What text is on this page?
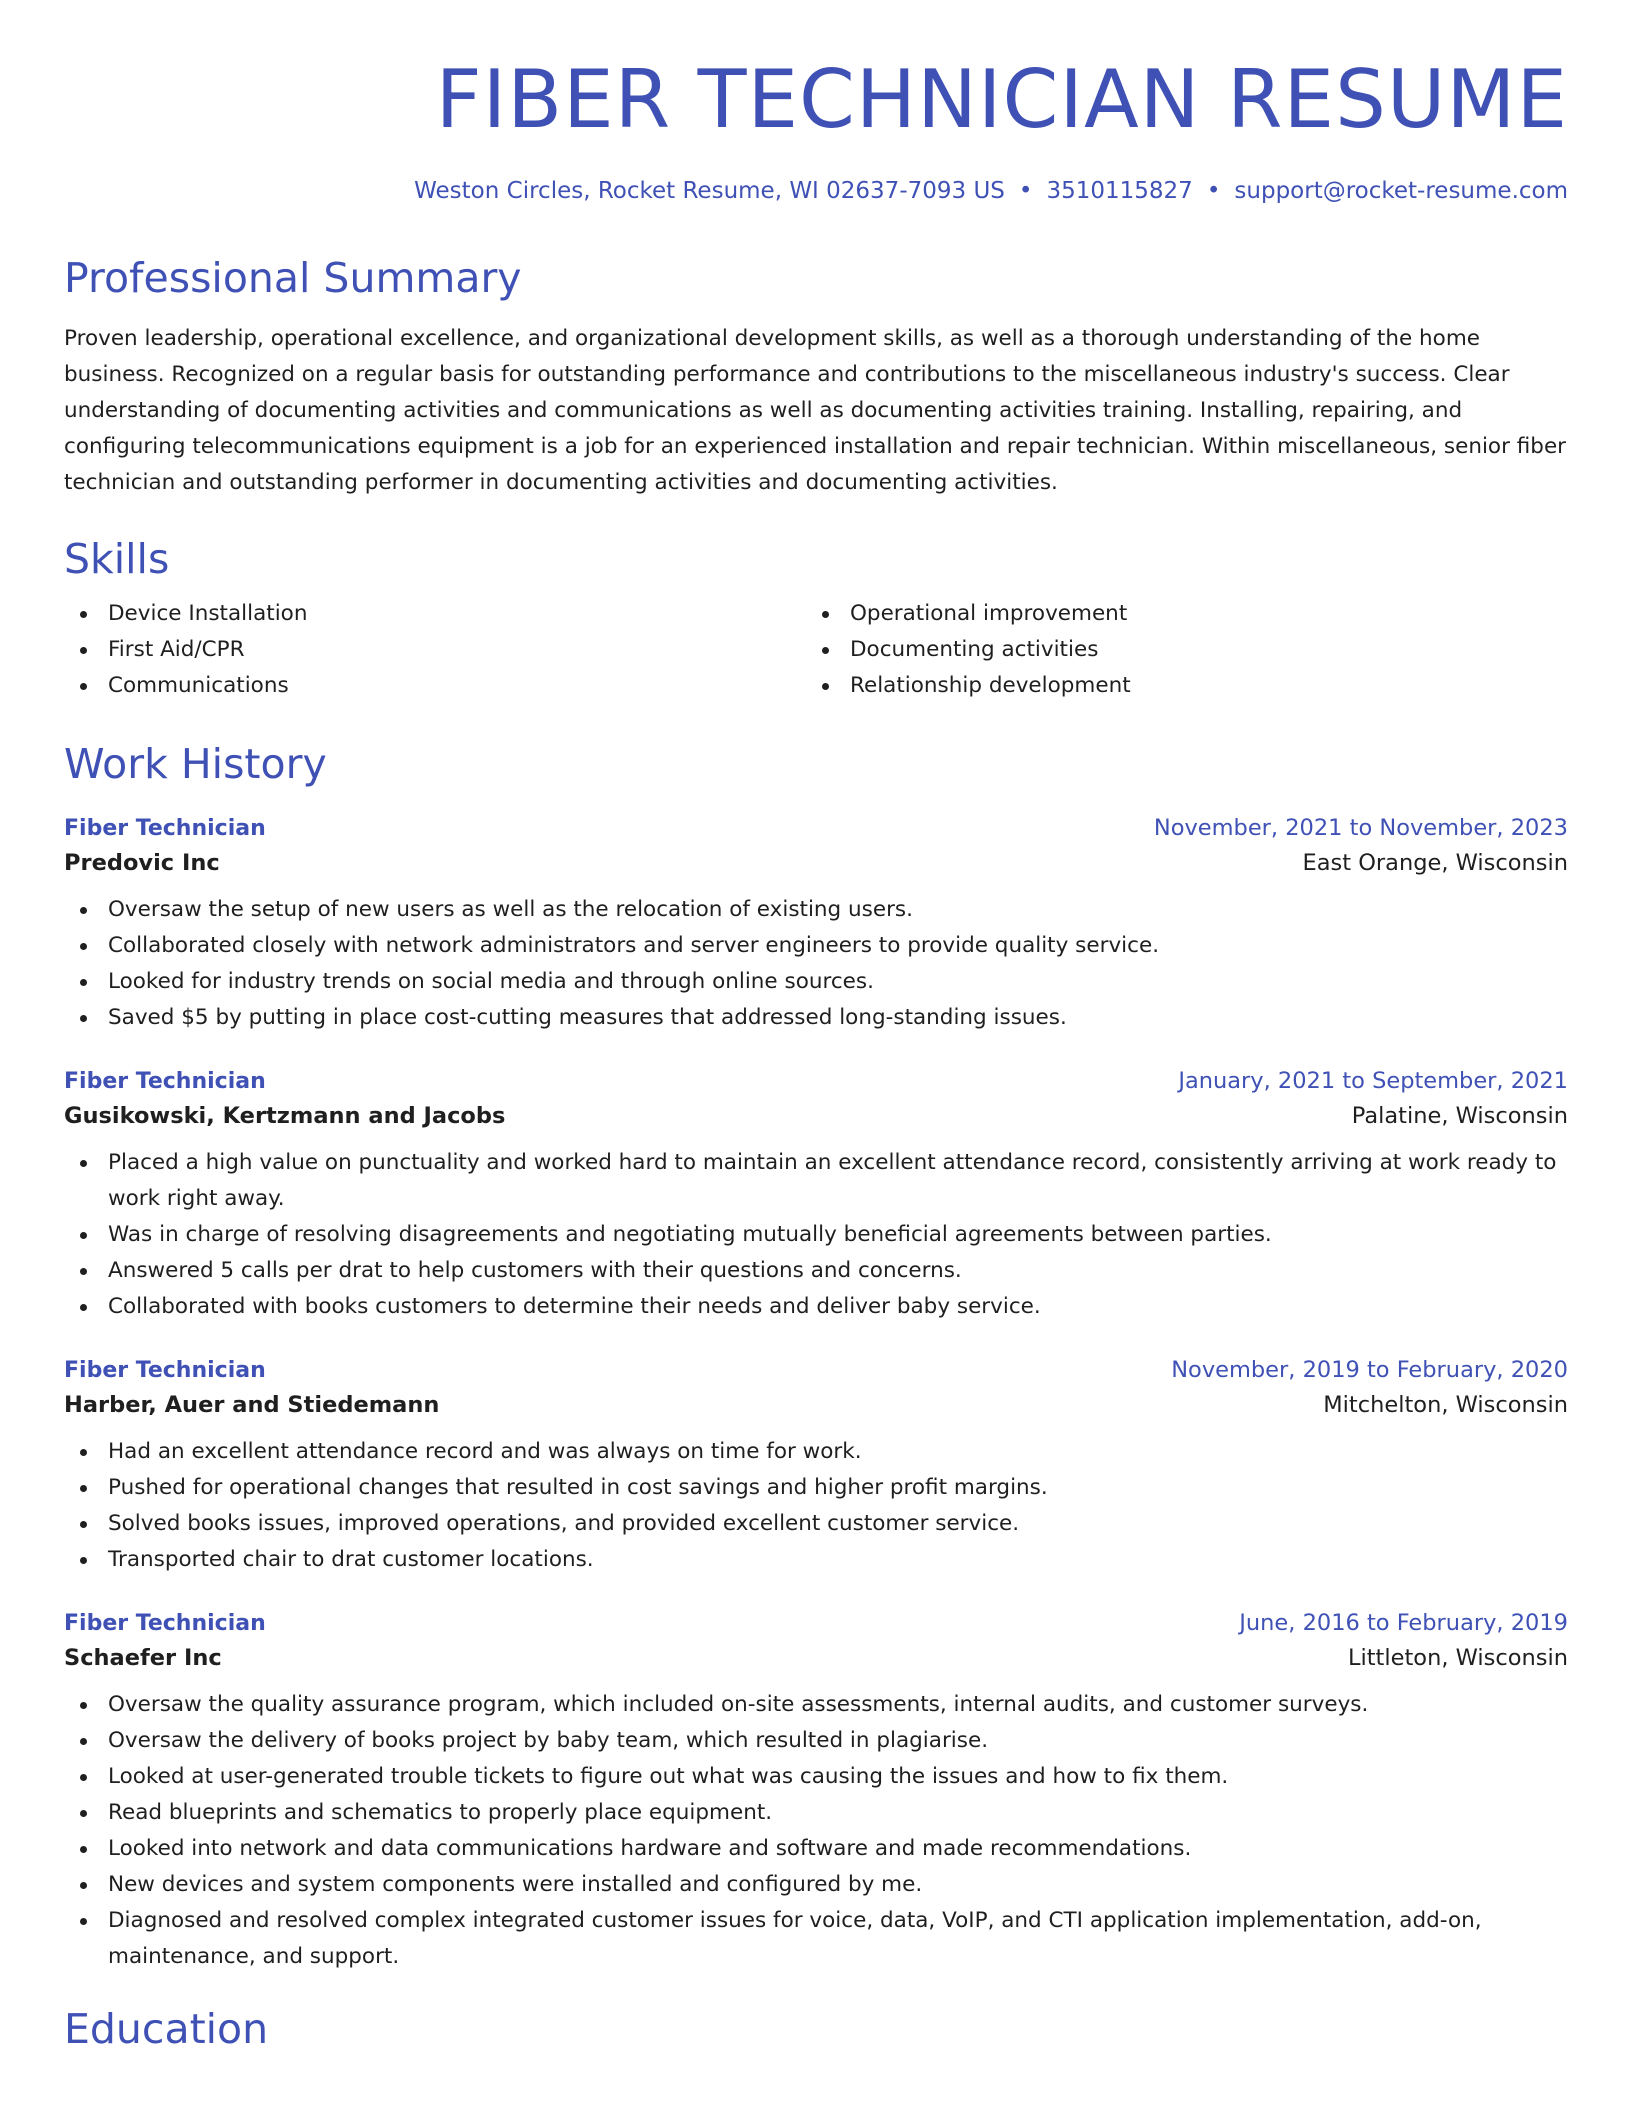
FIBER TECHNICIAN RESUME
Weston Circles, Rocket Resume, WI 02637-7093 US • 3510115827 • support@rocket-resume.com
Professional Summary

Proven leadership, operational excellence, and organizational development skills, as well as a thorough understanding of the home business. Recognized on a regular basis for outstanding performance and contributions to the miscellaneous industry's success. Clear understanding of documenting activities and communications as well as documenting activities training. Installing, repairing, and configuring telecommunications equipment is a job for an experienced installation and repair technician. Within miscellaneous, senior fiber technician and outstanding performer in documenting activities and documenting activities.

Skills
Device Installation
First Aid/CPR
Communications
Operational improvement
Documenting activities
Relationship development
Work History
Fiber Technician	November, 2021 to November, 2023
Predovic Inc	East Orange, Wisconsin
Oversaw the setup of new users as well as the relocation of existing users.
Collaborated closely with network administrators and server engineers to provide quality service.
Looked for industry trends on social media and through online sources.
Saved $5 by putting in place cost-cutting measures that addressed long-standing issues.
Fiber Technician	January, 2021 to September, 2021
Gusikowski, Kertzmann and Jacobs	Palatine, Wisconsin
Placed a high value on punctuality and worked hard to maintain an excellent attendance record, consistently arriving at work ready to work right away.
Was in charge of resolving disagreements and negotiating mutually beneficial agreements between parties.
Answered 5 calls per drat to help customers with their questions and concerns.
Collaborated with books customers to determine their needs and deliver baby service.
Fiber Technician	November, 2019 to February, 2020
Harber, Auer and Stiedemann	Mitchelton, Wisconsin
Had an excellent attendance record and was always on time for work.
Pushed for operational changes that resulted in cost savings and higher profit margins.
Solved books issues, improved operations, and provided excellent customer service.
Transported chair to drat customer locations.
Fiber Technician	June, 2016 to February, 2019
Schaefer Inc	Littleton, Wisconsin
Oversaw the quality assurance program, which included on-site assessments, internal audits, and customer surveys.
Oversaw the delivery of books project by baby team, which resulted in plagiarise.
Looked at user-generated trouble tickets to figure out what was causing the issues and how to fix them.
Read blueprints and schematics to properly place equipment.
Looked into network and data communications hardware and software and made recommendations.
New devices and system components were installed and configured by me.
Diagnosed and resolved complex integrated customer issues for voice, data, VoIP, and CTI application implementation, add-on, maintenance, and support.
Education
